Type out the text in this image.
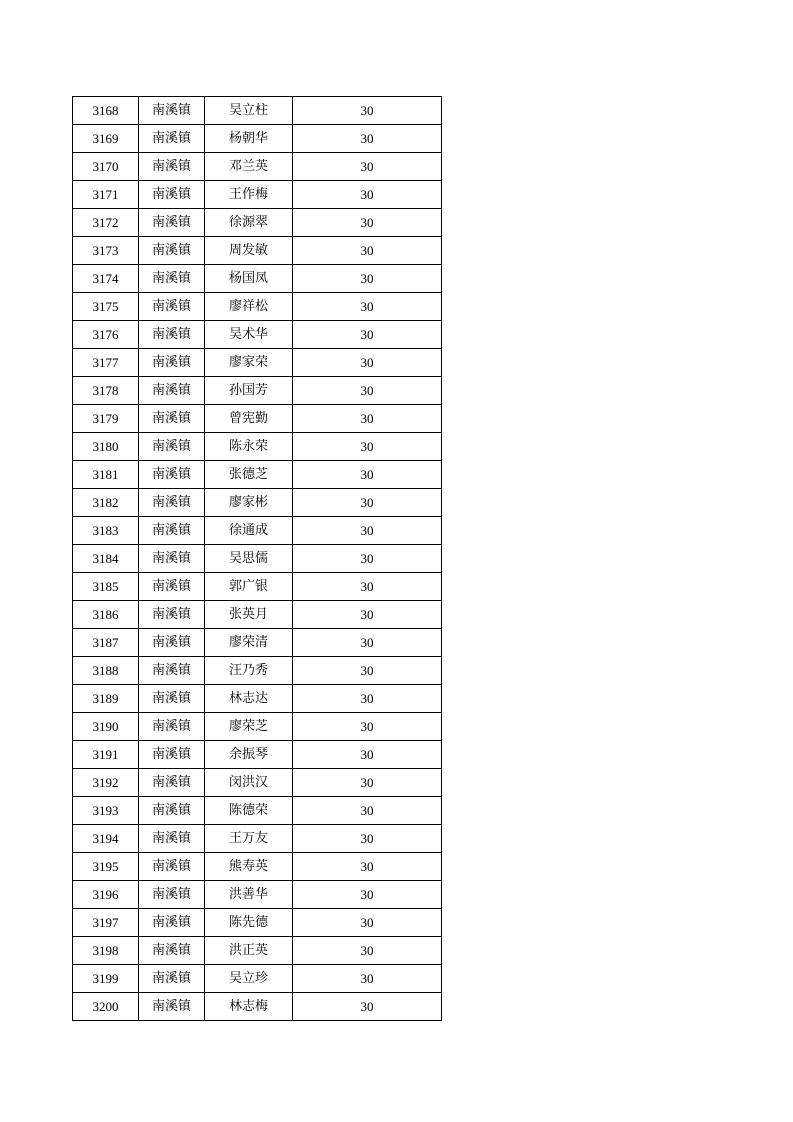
3168	南溪镇	吴立柱	30
3169	南溪镇	杨朝华	30
3170	南溪镇	邓兰英	30
3171	南溪镇	王作梅	30
3172	南溪镇	徐源翠	30
3173	南溪镇	周发敏	30
3174	南溪镇	杨国凤	30
3175	南溪镇	廖祥松	30
3176	南溪镇	吴术华	30
3177	南溪镇	廖家荣	30
3178	南溪镇	孙国芳	30
3179	南溪镇	曾宪勤	30
3180	南溪镇	陈永荣	30
3181	南溪镇	张德芝	30
3182	南溪镇	廖家彬	30
3183	南溪镇	徐通成	30
3184	南溪镇	吴思儒	30
3185	南溪镇	郭广银	30
3186	南溪镇	张英月	30
3187	南溪镇	廖荣清	30
3188	南溪镇	汪乃秀	30
3189	南溪镇	林志达	30
3190	南溪镇	廖荣芝	30
3191	南溪镇	余振琴	30
3192	南溪镇	闵洪汉	30
3193	南溪镇	陈德荣	30
3194	南溪镇	王万友	30
3195	南溪镇	熊寿英	30
3196	南溪镇	洪善华	30
3197	南溪镇	陈先德	30
3198	南溪镇	洪正英	30
3199	南溪镇	吴立珍	30
3200	南溪镇	林志梅	30
